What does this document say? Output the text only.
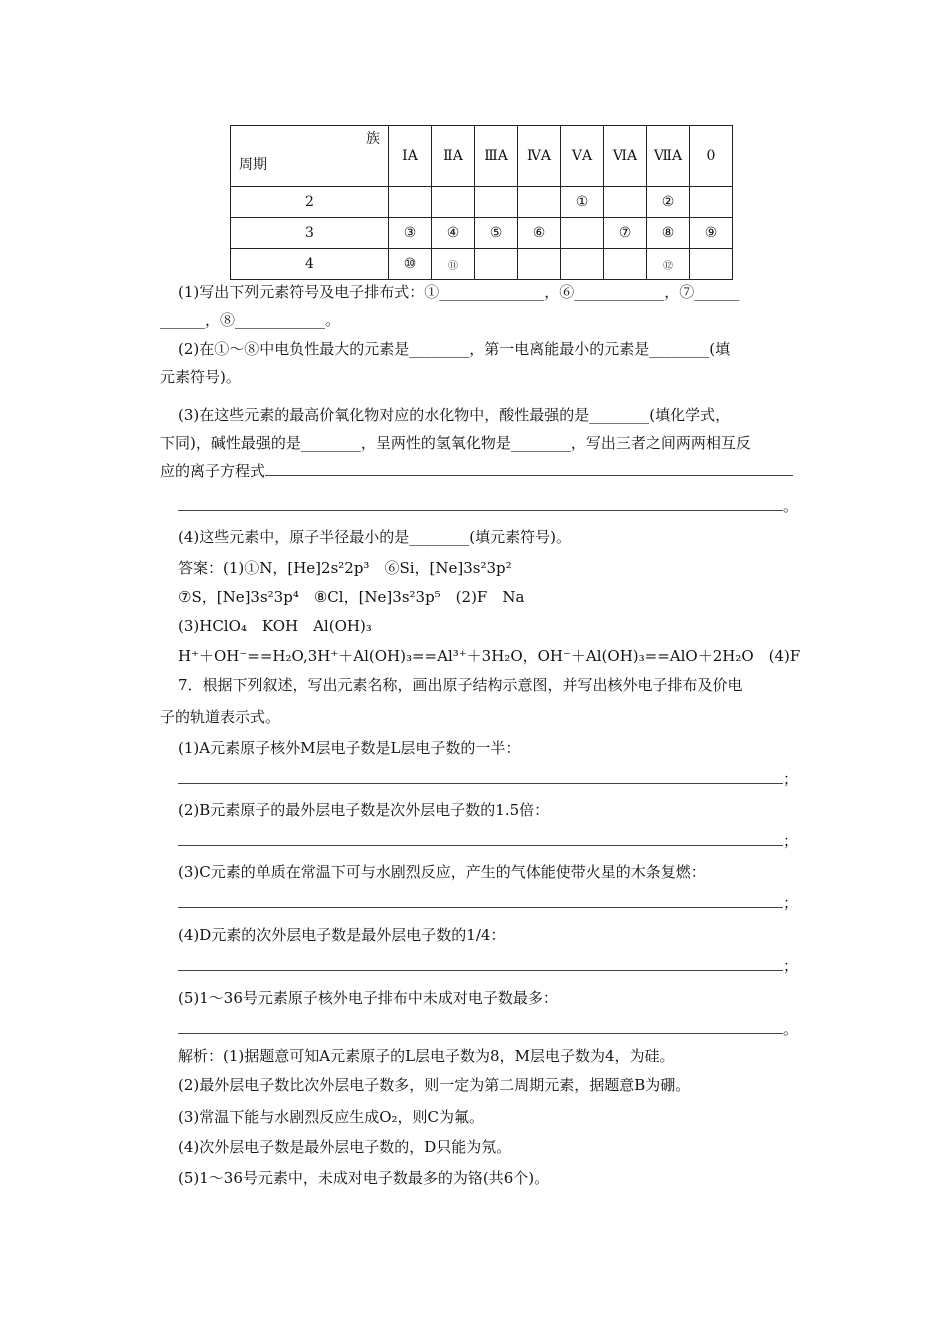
族
周期	ⅠA	ⅡA	ⅢA	ⅣA	ⅤA	ⅥA	ⅦA	0
2					①		②	
3	③	④	⑤	⑥		⑦	⑧	⑨
4	⑩	⑪					⑫	
(1)写出下列元素符号及电子排布式：①______________，⑥____________，⑦______
______，⑧____________。
(2)在①～⑧中电负性最大的元素是________，第一电离能最小的元素是________(填
元素符号)。
(3)在这些元素的最高价氧化物对应的水化物中，酸性最强的是________(填化学式，
下同)，碱性最强的是________，呈两性的氢氧化物是________，写出三者之间两两相互反
应的离子方程式
。
(4)这些元素中，原子半径最小的是________(填元素符号)。
答案：(1)①N，[He]2s²2p³　⑥Si，[Ne]3s²3p²
⑦S，[Ne]3s²3p⁴　⑧Cl，[Ne]3s²3p⁵　(2)F　Na
(3)HClO₄　KOH　Al(OH)₃
H⁺＋OH⁻==H₂O,3H⁺＋Al(OH)₃==Al³⁺＋3H₂O，OH⁻＋Al(OH)₃==AlO＋2H₂O　(4)F
7．根据下列叙述，写出元素名称，画出原子结构示意图，并写出核外电子排布及价电
子的轨道表示式。
(1)A元素原子核外M层电子数是L层电子数的一半：
；
(2)B元素原子的最外层电子数是次外层电子数的1.5倍：
；
(3)C元素的单质在常温下可与水剧烈反应，产生的气体能使带火星的木条复燃：
；
(4)D元素的次外层电子数是最外层电子数的1/4：
；
(5)1～36号元素原子核外电子排布中未成对电子数最多：
。
解析：(1)据题意可知A元素原子的L层电子数为8，M层电子数为4，为硅。
(2)最外层电子数比次外层电子数多，则一定为第二周期元素，据题意B为硼。
(3)常温下能与水剧烈反应生成O₂，则C为氟。
(4)次外层电子数是最外层电子数的，D只能为氖。
(5)1～36号元素中，未成对电子数最多的为铬(共6个)。
